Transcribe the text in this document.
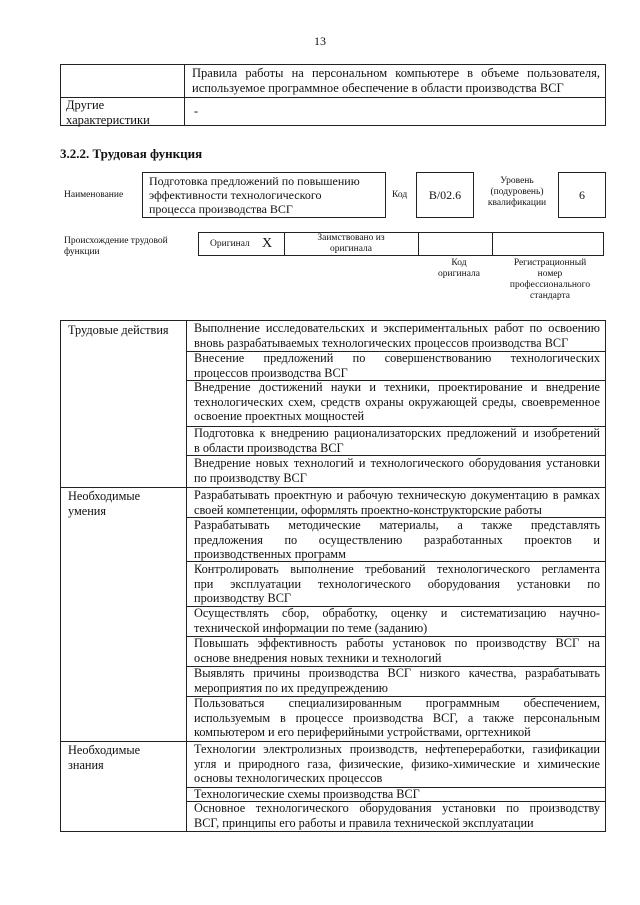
13
Правила работы на персональном компьютере в объеме пользователя,
используемое программное обеспечение в области производства ВСГ
Другие
характеристики
-
3.2.2. Трудовая функция
Наименование
Подготовка предложений по повышению
эффективности технологического
процесса производства ВСГ
Код	В/02.6
Уровень
(подуровень)
квалификации
6
Происхождение трудовой
функции
Оригинал X	Заимствовано из
оригинала
Код
оригинала
Регистрационный
номер
профессионального
стандарта
Трудовые действия
Необходимые
умения
Необходимые
знания
Выполнение исследовательских и экспериментальных работ по освоению
вновь разрабатываемых технологических процессов производства ВСГ
Внесение предложений по совершенствованию технологических
процессов производства ВСГ
Внедрение достижений науки и техники, проектирование и внедрение
технологических схем, средств охраны окружающей среды, своевременное
освоение проектных мощностей
Подготовка к внедрению рационализаторских предложений и изобретений
в области производства ВСГ
Внедрение новых технологий и технологического оборудования установки
по производству ВСГ
Разрабатывать проектную и рабочую техническую документацию в рамках
своей компетенции, оформлять проектно-конструкторские работы
Разрабатывать методические материалы, а также представлять
предложения по осуществлению разработанных проектов и
производственных программ
Контролировать выполнение требований технологического регламента
при эксплуатации технологического оборудования установки по
производству ВСГ
Осуществлять сбор, обработку, оценку и систематизацию научно-
технической информации по теме (заданию)
Повышать эффективность работы установок по производству ВСГ на
основе внедрения новых техники и технологий
Выявлять причины производства ВСГ низкого качества, разрабатывать
мероприятия по их предупреждению
Пользоваться специализированным программным обеспечением,
используемым в процессе производства ВСГ, а также персональным
компьютером и его периферийными устройствами, оргтехникой
Технологии электролизных производств, нефтепереработки, газификации
угля и природного газа, физические, физико-химические и химические
основы технологических процессов
Технологические схемы производства ВСГ
Основное технологического оборудования установки по производству
ВСГ, принципы его работы и правила технической эксплуатации
